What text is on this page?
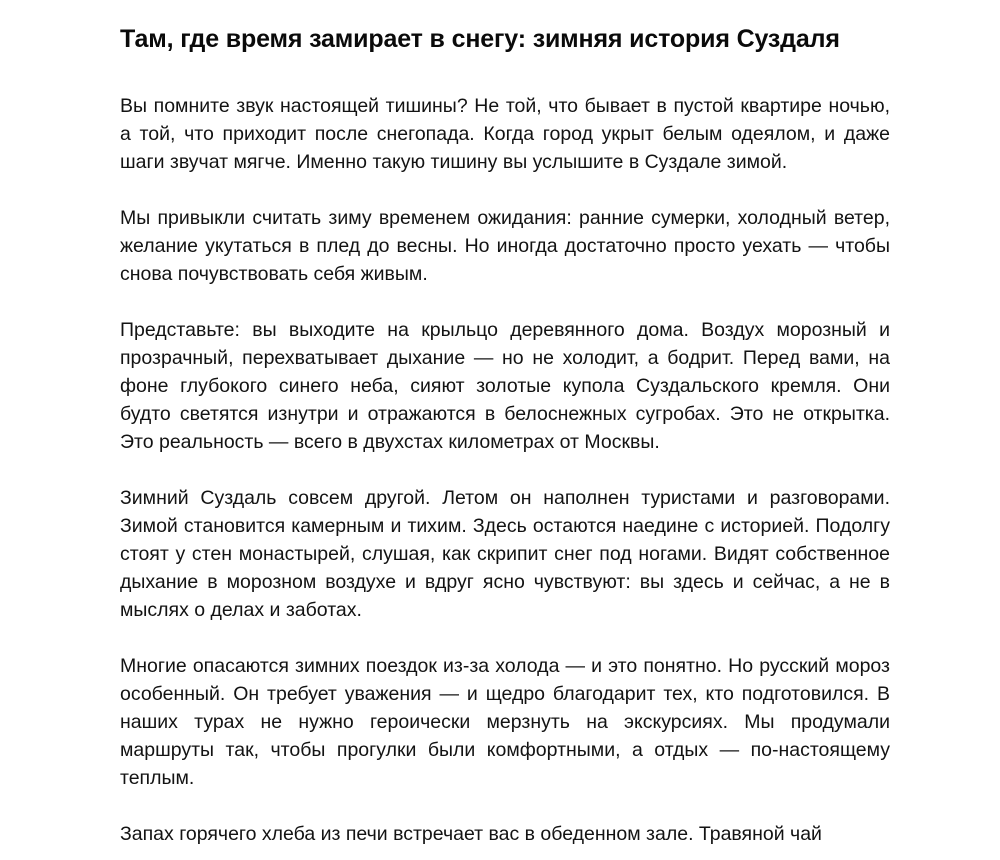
Там, где время замирает в снегу: зимняя история Суздаля

Вы помните звук настоящей тишины? Не той, что бывает в пустой квартире ночью, а той, что приходит после снегопада. Когда город укрыт белым одеялом, и даже шаги звучат мягче. Именно такую тишину вы услышите в Суздале зимой.

Мы привыкли считать зиму временем ожидания: ранние сумерки, холодный ветер, желание укутаться в плед до весны. Но иногда достаточно просто уехать — чтобы снова почувствовать себя живым.

Представьте: вы выходите на крыльцо деревянного дома. Воздух морозный и прозрачный, перехватывает дыхание — но не холодит, а бодрит. Перед вами, на фоне глубокого синего неба, сияют золотые купола Суздальского кремля. Они будто светятся изнутри и отражаются в белоснежных сугробах. Это не открытка. Это реальность — всего в двухстах километрах от Москвы.

Зимний Суздаль совсем другой. Летом он наполнен туристами и разговорами. Зимой становится камерным и тихим. Здесь остаются наедине с историей. Подолгу стоят у стен монастырей, слушая, как скрипит снег под ногами. Видят собственное дыхание в морозном воздухе и вдруг ясно чувствуют: вы здесь и сейчас, а не в мыслях о делах и заботах.

Многие опасаются зимних поездок из-за холода — и это понятно. Но русский мороз особенный. Он требует уважения — и щедро благодарит тех, кто подготовился. В наших турах не нужно героически мерзнуть на экскурсиях. Мы продумали маршруты так, чтобы прогулки были комфортными, а отдых — по-настоящему теплым.

Запах горячего хлеба из печи встречает вас в обеденном зале. Травяной чай
